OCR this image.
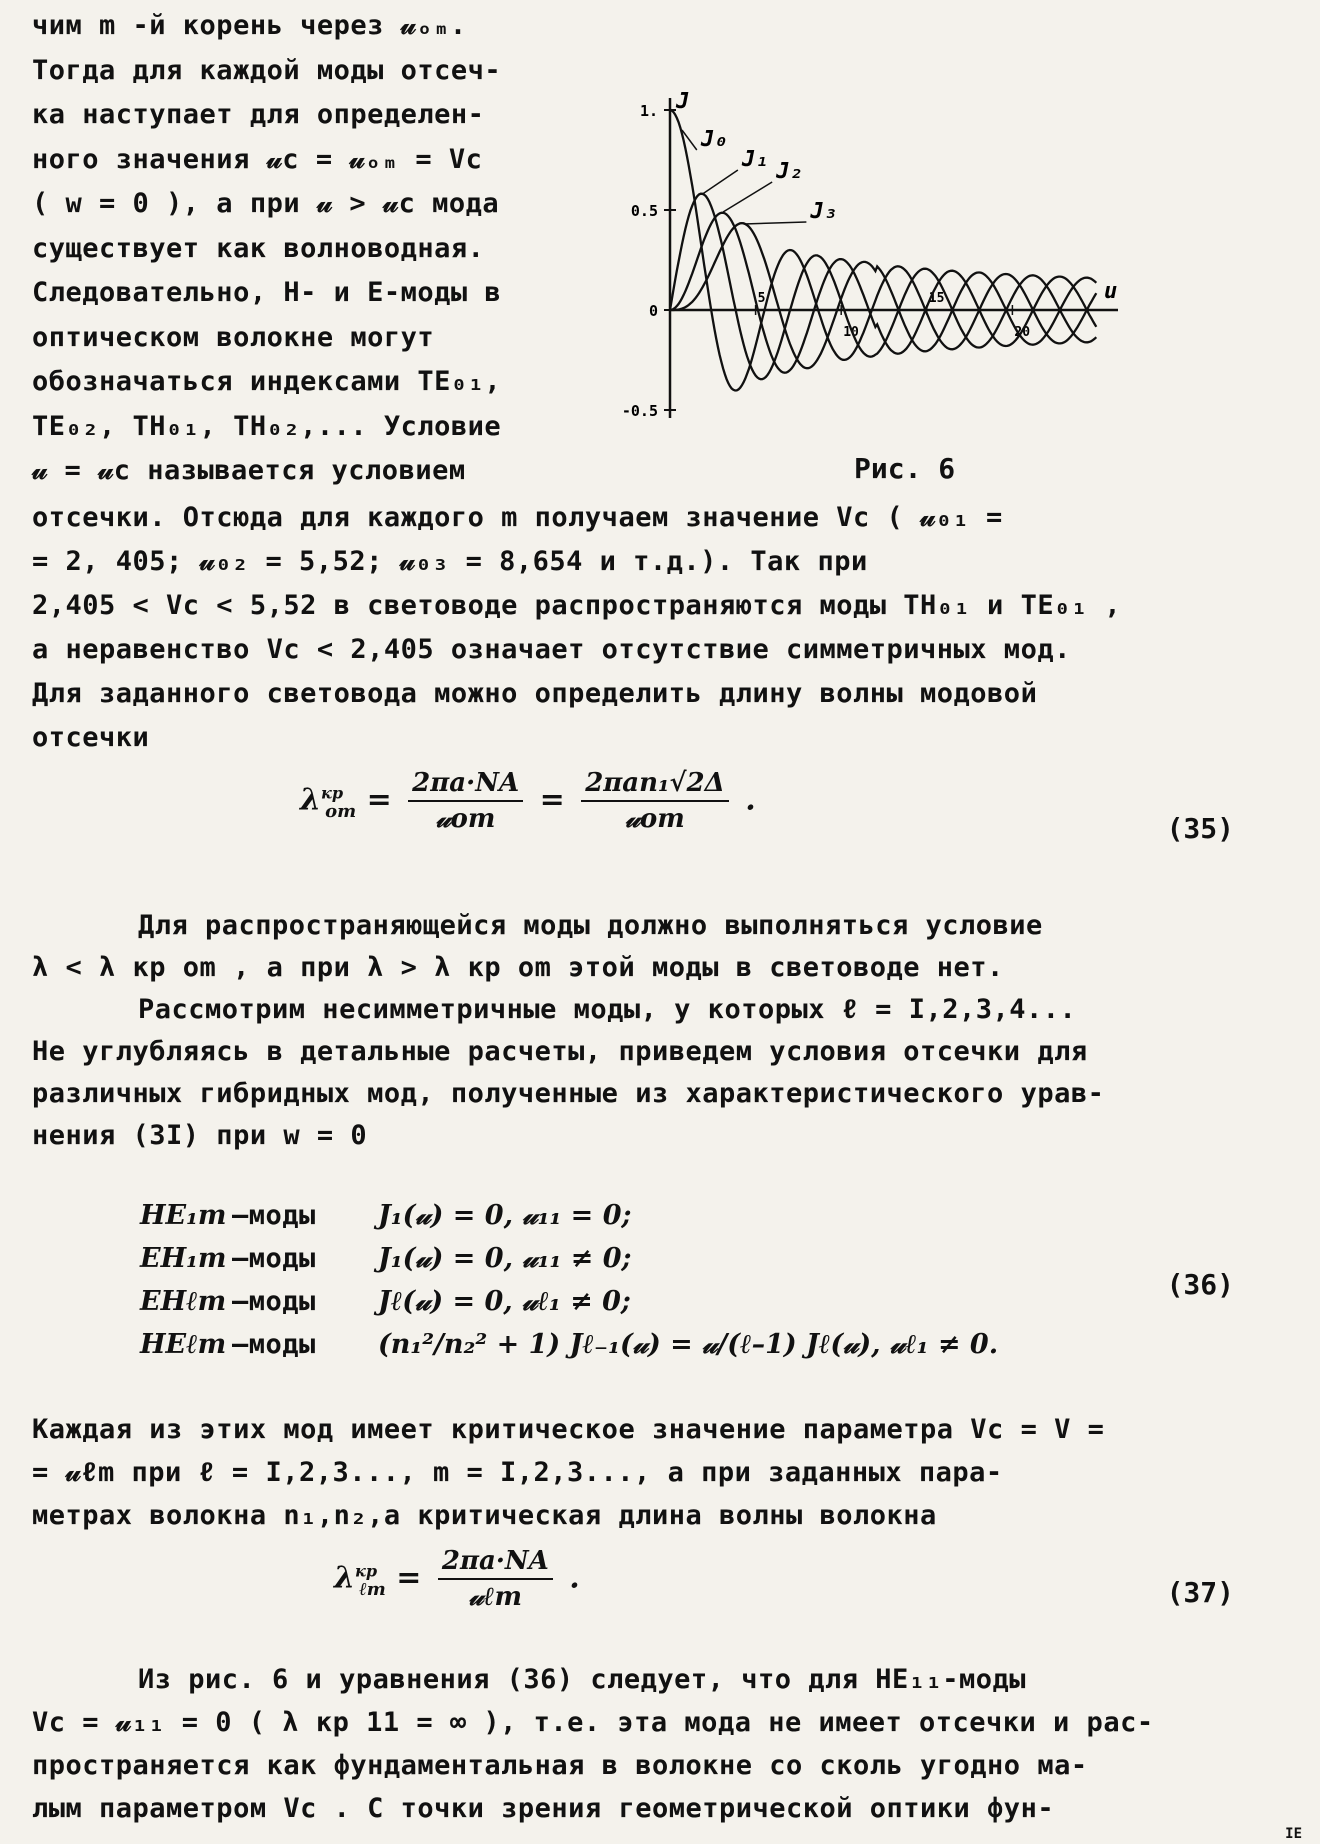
чим m -й корень через 𝓊ₒₘ.
Тогда для каждой моды отсеч-
ка наступает для определен-
ного значения 𝓊c = 𝓊ₒₘ = Vc
( w = 0 ), а при 𝓊 > 𝓊c мода
существует как волноводная.
Следовательно, Н- и Е-моды в
оптическом волокне могут
обозначаться индексами TE₀₁,
TE₀₂, TH₀₁, TH₀₂,... Условие
𝓊 = 𝓊c называется условием
1.
0.5
0
-0.5
5
10
15
20
J
u
J₀
J₁ J₂
J₃
Рис. 6
отсечки. Отсюда для каждого m получаем значение Vc ( 𝓊₀₁ =
= 2, 405; 𝓊₀₂ = 5,52; 𝓊₀₃ = 8,654 и т.д.). Так при
2,405 < Vc < 5,52 в световоде распространяются моды TH₀₁ и TE₀₁ ,
а неравенство Vc < 2,405 означает отсутствие симметричных мод.
Для заданного световода можно определить длину волны модовой
отсечки
$\lambda^{кр}_{om} = \frac{2\pi a\cdot NA}{\text{𝓊om}} = \frac{\text{2πan₁√2Δ}}{\text{𝓊om}}$ .
(35)
Для распространяющейся моды должно выполняться условие
λ < λ кр om , а при λ > λ кр om этой моды в световоде нет.
Рассмотрим несимметричные моды, у которых ℓ = I,2,3,4...
Не углубляясь в детальные расчеты, приведем условия отсечки для
различных гибридных мод, полученные из характеристического урав-
нения (3I) при w = 0
HE₁m –моды J₁(𝓊) = 0, 𝓊₁₁ = 0;
EH₁m –моды J₁(𝓊) = 0, 𝓊₁₁ ≠ 0;
EHℓm –моды Jℓ(𝓊) = 0, 𝓊ℓ₁ ≠ 0;
HEℓm –моды (n₁²/n₂² + 1) Jℓ₋₁(𝓊) = 𝓊/(ℓ–1) Jℓ(𝓊), 𝓊ℓ₁ ≠ 0.
(36)
Каждая из этих мод имеет критическое значение параметра Vc = V =
= 𝓊ℓm при ℓ = I,2,3..., m = I,2,3..., а при заданных пара-
метрах волокна n₁,n₂,a критическая длина волны волокна
$\lambda^{кр}_{\ell m} = \frac{2\pi a\cdot NA}{\text{𝓊ℓm}}$ .	(37)
Из рис. 6 и уравнения (36) следует, что для HE₁₁-моды
Vc = 𝓊₁₁ = 0 ( λ кр 11 = ∞ ), т.е. эта мода не имеет отсечки и рас-
пространяется как фундаментальная в волокне со сколь угодно ма-
лым параметром Vc . С точки зрения геометрической оптики фун-
IE
